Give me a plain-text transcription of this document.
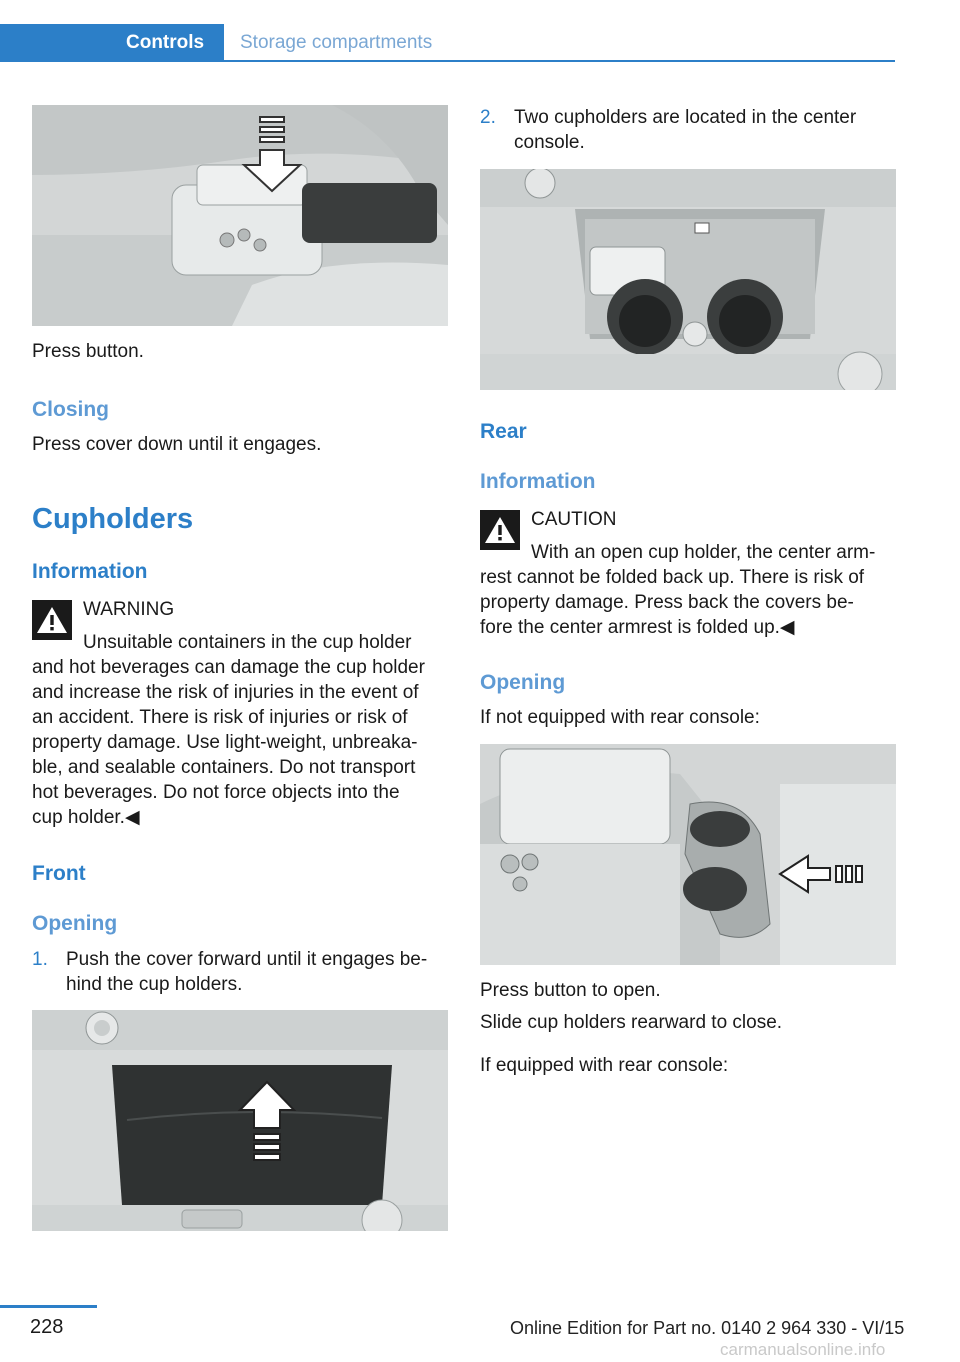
Controls	Storage compartments
Press button.
Closing
Press cover down until it engages.
Cupholders
Information
WARNING
Unsuitable containers in the cup holder
and hot beverages can damage the cup holder
and increase the risk of injuries in the event of
an accident. There is risk of injuries or risk of
property damage. Use light-weight, unbreaka-
ble, and sealable containers. Do not transport
hot beverages. Do not force objects into the
cup holder.◀
Front
Opening
1. Push the cover forward until it engages be-
hind the cup holders.
2. Two cupholders are located in the center
console.
Rear
Information
CAUTION
With an open cup holder, the center arm-
rest cannot be folded back up. There is risk of
property damage. Press back the covers be-
fore the center armrest is folded up.◀
Opening
If not equipped with rear console:
Press button to open.
Slide cup holders rearward to close.
If equipped with rear console:
228	Online Edition for Part no. 0140 2 964 330 - VI/15
carmanualsonline.info
